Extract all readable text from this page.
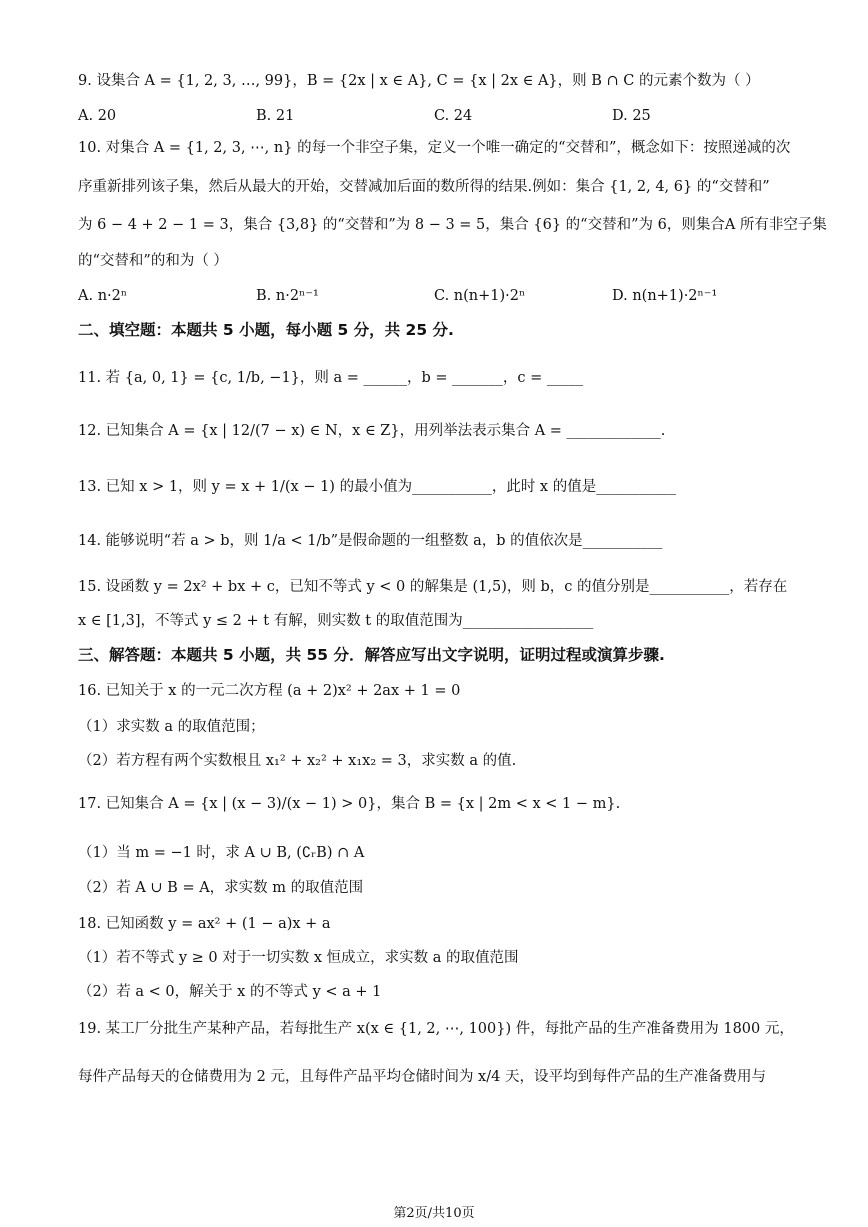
9. 设集合 A = {1, 2, 3, …, 99}，B = {2x | x ∈ A}, C = {x | 2x ∈ A}，则 B ∩ C 的元素个数为（ ）
A. 20	B. 21	C. 24	D. 25
10. 对集合 A = {1, 2, 3, ⋯, n} 的每一个非空子集，定义一个唯一确定的“交替和”，概念如下：按照递减的次
序重新排列该子集，然后从最大的开始，交替减加后面的数所得的结果.例如：集合 {1, 2, 4, 6} 的“交替和”
为 6 − 4 + 2 − 1 = 3，集合 {3,8} 的“交替和”为 8 − 3 = 5，集合 {6} 的“交替和”为 6，则集合A 所有非空子集
的“交替和”的和为（ ）
A. n·2ⁿ	B. n·2ⁿ⁻¹	C. n(n+1)·2ⁿ	D. n(n+1)·2ⁿ⁻¹
二、填空题：本题共 5 小题，每小题 5 分，共 25 分.
11. 若 {a, 0, 1} = {c, 1/b, −1}，则 a = ______，b = _______，c = _____
12. 已知集合 A = {x | 12/(7 − x) ∈ N，x ∈ Z}，用列举法表示集合 A = _____________.
13. 已知 x > 1，则 y = x + 1/(x − 1) 的最小值为___________，此时 x 的值是___________
14. 能够说明“若 a > b，则 1/a < 1/b”是假命题的一组整数 a，b 的值依次是___________
15. 设函数 y = 2x² + bx + c，已知不等式 y < 0 的解集是 (1,5)，则 b，c 的值分别是___________，若存在
x ∈ [1,3]，不等式 y ≤ 2 + t 有解，则实数 t 的取值范围为__________________
三、解答题：本题共 5 小题，共 55 分．解答应写出文字说明，证明过程或演算步骤.
16. 已知关于 x 的一元二次方程 (a + 2)x² + 2ax + 1 = 0
（1）求实数 a 的取值范围；
（2）若方程有两个实数根且 x₁² + x₂² + x₁x₂ = 3，求实数 a 的值.
17. 已知集合 A = {x | (x − 3)/(x − 1) > 0}，集合 B = {x | 2m < x < 1 − m}.
（1）当 m = −1 时，求 A ∪ B, (∁ᵣB) ∩ A
（2）若 A ∪ B = A，求实数 m 的取值范围
18. 已知函数 y = ax² + (1 − a)x + a
（1）若不等式 y ≥ 0 对于一切实数 x 恒成立，求实数 a 的取值范围
（2）若 a < 0，解关于 x 的不等式 y < a + 1
19. 某工厂分批生产某种产品，若每批生产 x(x ∈ {1, 2, ⋯, 100}) 件，每批产品的生产准备费用为 1800 元，
每件产品每天的仓储费用为 2 元，且每件产品平均仓储时间为 x/4 天，设平均到每件产品的生产准备费用与
第2页/共10页
